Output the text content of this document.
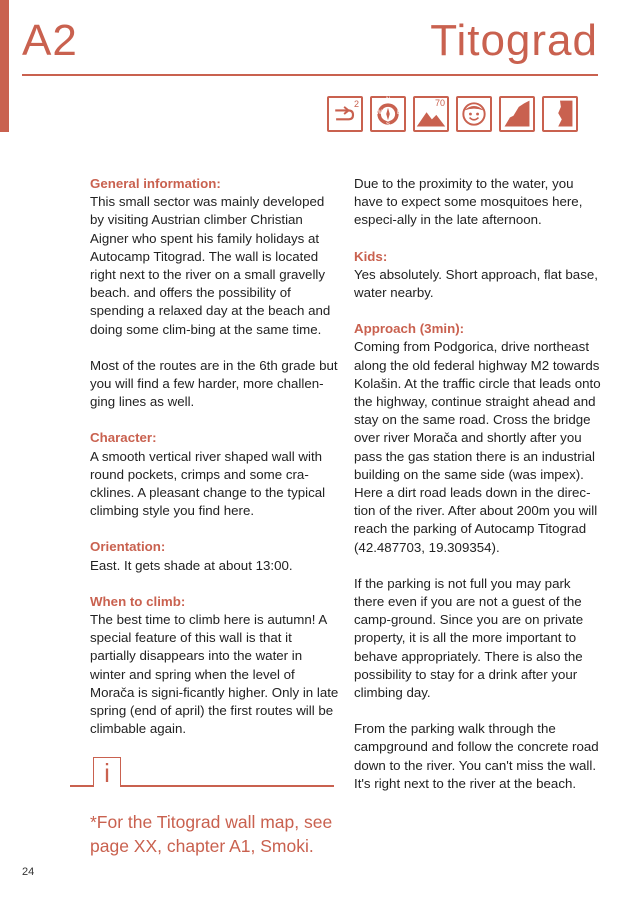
A2	Titograd
2	N
W	E
S
70
General information:
This small sector was mainly developed by visiting Austrian climber Christian Aigner who spent his family holidays at Autocamp Titograd. The wall is located right next to the river on a small gravelly beach. and offers the possibility of spending a relaxed day at the beach and doing some clim-bing at the same time.
Most of the routes are in the 6th grade but you will find a few harder, more challen-ging lines as well.
Character:
A smooth vertical river shaped wall with round pockets, crimps and some cra-cklines. A pleasant change to the typical climbing style you find here.
Orientation:
East. It gets shade at about 13:00.
When to climb:
The best time to climb here is autumn! A special feature of this wall is that it partially disappears into the water in winter and spring when the level of Morača is signi-ficantly higher. Only in late spring (end of april) the first routes will be climbable again.
Due to the proximity to the water, you have to expect some mosquitoes here, especi-ally in the late afternoon.
Kids:
Yes absolutely. Short approach, flat base, water nearby.
Approach (3min):
Coming from Podgorica, drive northeast along the old federal highway M2 towards Kolašin. At the traffic circle that leads onto the highway, continue straight ahead and stay on the same road. Cross the bridge over river Morača and shortly after you pass the gas station there is an industrial building on the same side (was impex). Here a dirt road leads down in the direc-tion of the river. After about 200m you will reach the parking of Autocamp Titograd (42.487703, 19.309354).
If the parking is not full you may park there even if you are not a guest of the camp-ground. Since you are on private property, it is all the more important to behave appropriately. There is also the possibility to stay for a drink after your climbing day.
From the parking walk through the campground and follow the concrete road down to the river. You can't miss the wall. It's right next to the river at the beach.
i
*For the Titograd wall map, see page XX, chapter A1, Smoki.
24
